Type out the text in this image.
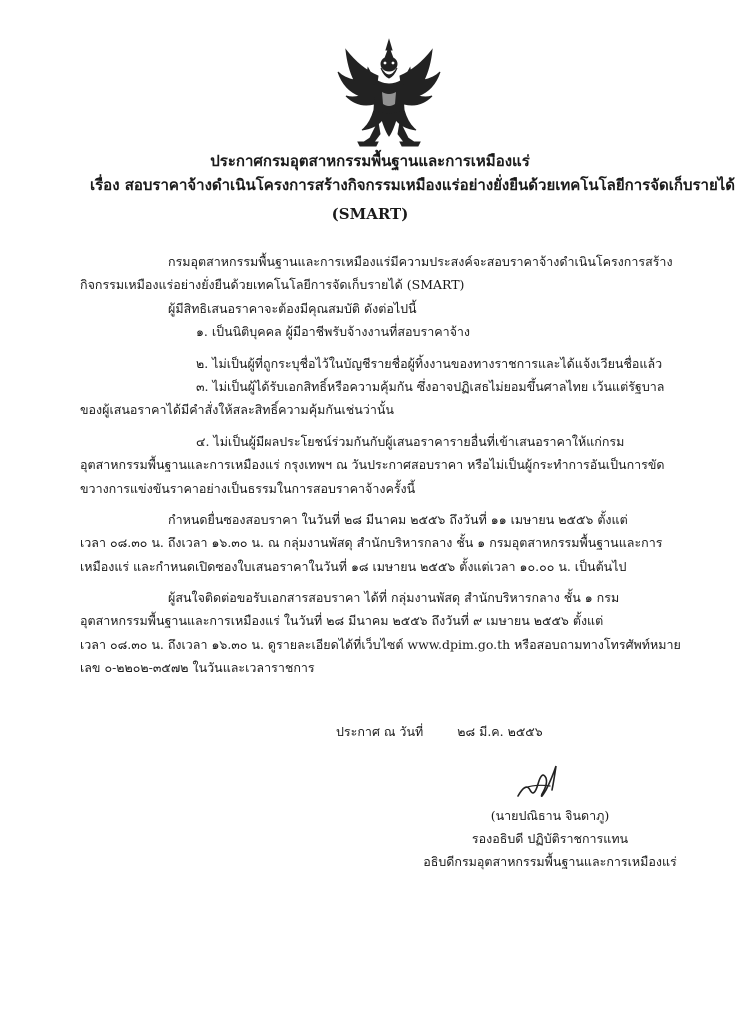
ประกาศกรมอุตสาหกรรมพื้นฐานและการเหมืองแร่
เรื่อง สอบราคาจ้างดำเนินโครงการสร้างกิจกรรมเหมืองแร่อย่างยั่งยืนด้วยเทคโนโลยีการจัดเก็บรายได้
(SMART)
กรมอุตสาหกรรมพื้นฐานและการเหมืองแร่มีความประสงค์จะสอบราคาจ้างดำเนินโครงการสร้าง
กิจกรรมเหมืองแร่อย่างยั่งยืนด้วยเทคโนโลยีการจัดเก็บรายได้ (SMART)
ผู้มีสิทธิเสนอราคาจะต้องมีคุณสมบัติ ดังต่อไปนี้
๑. เป็นนิติบุคคล ผู้มีอาชีพรับจ้างงานที่สอบราคาจ้าง
๒. ไม่เป็นผู้ที่ถูกระบุชื่อไว้ในบัญชีรายชื่อผู้ทิ้งงานของทางราชการและได้แจ้งเวียนชื่อแล้ว
๓. ไม่เป็นผู้ได้รับเอกสิทธิ์หรือความคุ้มกัน ซึ่งอาจปฏิเสธไม่ยอมขึ้นศาลไทย เว้นแต่รัฐบาล
ของผู้เสนอราคาได้มีคำสั่งให้สละสิทธิ์ความคุ้มกันเช่นว่านั้น
๔. ไม่เป็นผู้มีผลประโยชน์ร่วมกันกับผู้เสนอราคารายอื่นที่เข้าเสนอราคาให้แก่กรม
อุตสาหกรรมพื้นฐานและการเหมืองแร่ กรุงเทพฯ ณ วันประกาศสอบราคา หรือไม่เป็นผู้กระทำการอันเป็นการขัด
ขวางการแข่งขันราคาอย่างเป็นธรรมในการสอบราคาจ้างครั้งนี้
กำหนดยื่นซองสอบราคา ในวันที่ ๒๘ มีนาคม ๒๕๕๖ ถึงวันที่ ๑๑ เมษายน ๒๕๕๖ ตั้งแต่
เวลา ๐๘.๓๐ น. ถึงเวลา ๑๖.๓๐ น. ณ กลุ่มงานพัสดุ สำนักบริหารกลาง ชั้น ๑ กรมอุตสาหกรรมพื้นฐานและการ
เหมืองแร่ และกำหนดเปิดซองใบเสนอราคาในวันที่ ๑๘ เมษายน ๒๕๕๖ ตั้งแต่เวลา ๑๐.๐๐ น. เป็นต้นไป
ผู้สนใจติดต่อขอรับเอกสารสอบราคา ได้ที่ กลุ่มงานพัสดุ สำนักบริหารกลาง ชั้น ๑ กรม
อุตสาหกรรมพื้นฐานและการเหมืองแร่ ในวันที่ ๒๘ มีนาคม ๒๕๕๖ ถึงวันที่ ๙ เมษายน ๒๕๕๖ ตั้งแต่
เวลา ๐๘.๓๐ น. ถึงเวลา ๑๖.๓๐ น. ดูรายละเอียดได้ที่เว็บไซต์ www.dpim.go.th หรือสอบถามทางโทรศัพท์หมาย
เลข ๐-๒๒๐๒-๓๕๗๒ ในวันและเวลาราชการ
ประกาศ ณ วันที่	๒๘ มี.ค. ๒๕๕๖
(นายปณิธาน จินดาภู)
รองอธิบดี ปฏิบัติราชการแทน
อธิบดีกรมอุตสาหกรรมพื้นฐานและการเหมืองแร่
